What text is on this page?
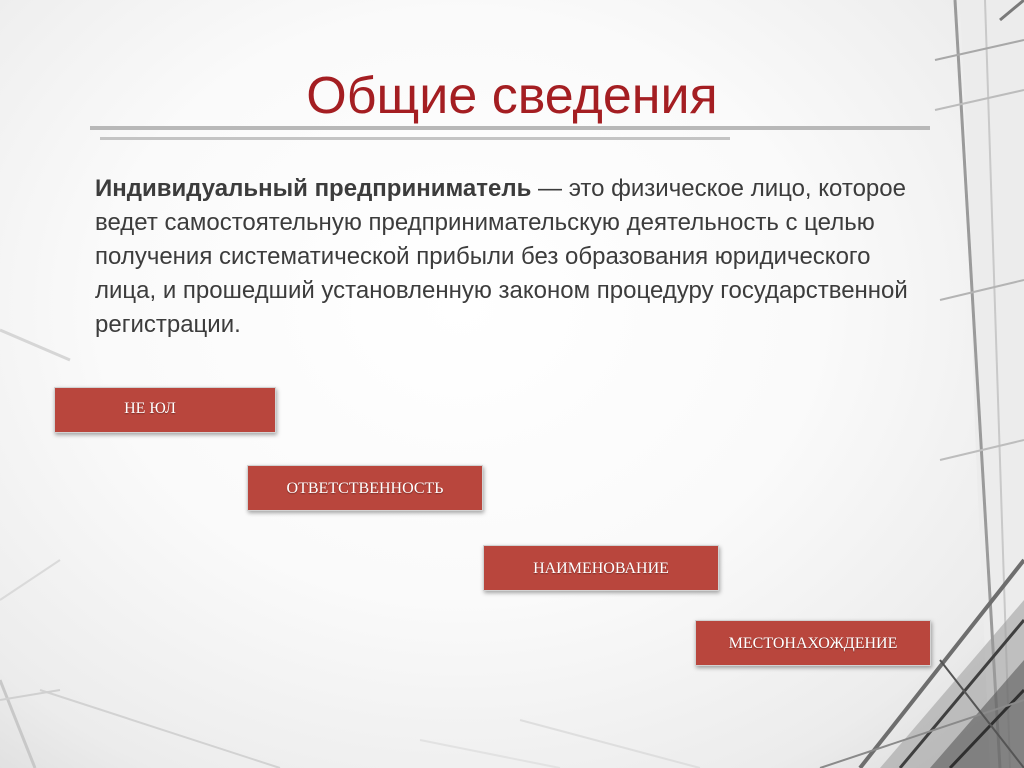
Общие сведения

Индивидуальный предприниматель — это физическое лицо, которое ведет самостоятельную предпринимательскую деятельность с целью получения систематической прибыли без образования юридического лица, и прошедший установленную законом процедуру государственной регистрации.

НЕ ЮЛ
ОТВЕТСТВЕННОСТЬ
НАИМЕНОВАНИЕ
МЕСТОНАХОЖДЕНИЕ
